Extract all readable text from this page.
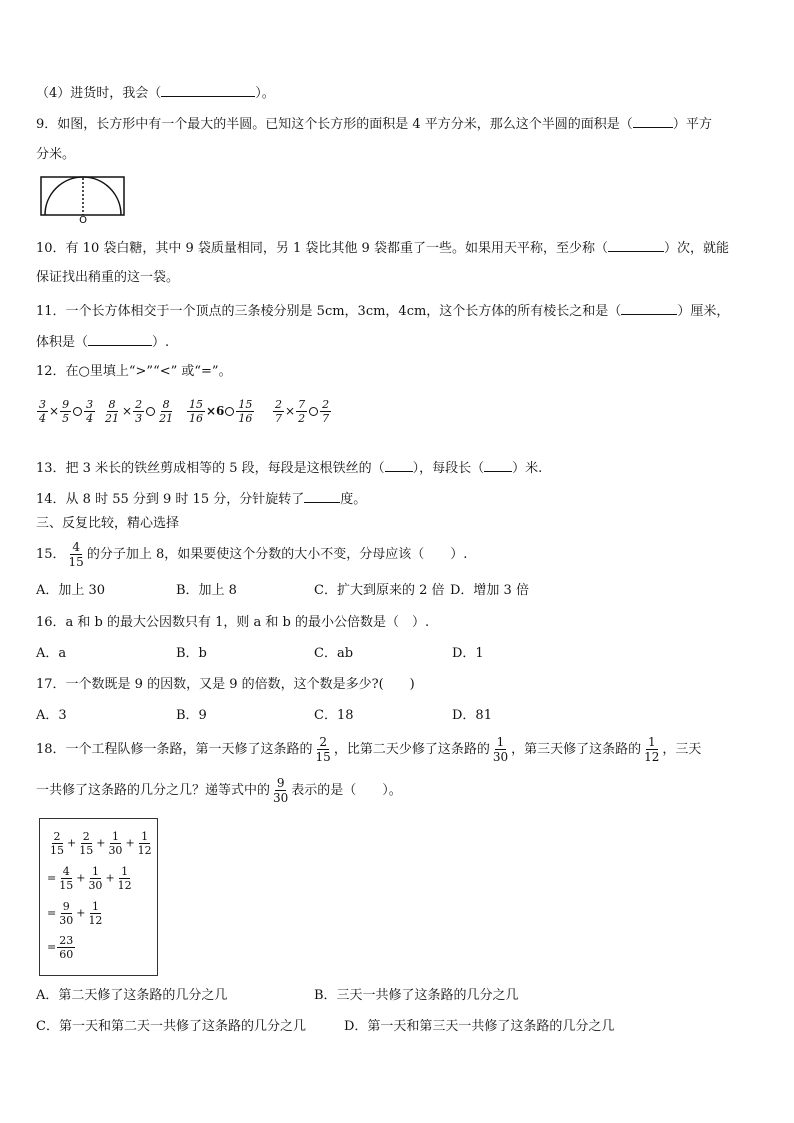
（4）进货时，我会（	）。
9．如图，长方形中有一个最大的半圆。已知这个长方形的面积是 4 平方分米，那么这个半圆的面积是（	）平方
分米。
O
10．有 10 袋白糖，其中 9 袋质量相同，另 1 袋比其他 9 袋都重了一些。如果用天平称，至少称（	）次，就能
保证找出稍重的这一袋。
11．一个长方体相交于一个顶点的三条棱分别是 5cm，3cm，4cm，这个长方体的所有棱长之和是（	）厘米，
体积是（	）.
12．在○里填上“>”“<” 或“=”。
$\frac{3}{4} \times \frac{9}{5} \frac{3}{4} \frac{8}{21} \times \frac{2}{3} \frac{8}{21} \frac{15}{16} \times 6 \frac{15}{16} \frac{2}{7} \times \frac{7}{2} \frac{2}{7}$
13．把 3 米长的铁丝剪成相等的 5 段，每段是这根铁丝的（ ），每段长（ ）米.
14．从 8 时 55 分到 9 时 15 分，分针旋转了	度。
三、反复比较，精心选择
15． $\frac{4}{15}$ 的分子加上 8，如果要使这个分数的大小不变，分母应该（　　）.
A．加上 30	B．加上 8	C．扩大到原来的 2 倍 D．增加 3 倍
16．a 和 b 的最大公因数只有 1，则 a 和 b 的最小公倍数是（　）.
A．a	B．b	C．ab	D．1
17．一个数既是 9 的因数，又是 9 的倍数，这个数是多少?(　　)
A．3	B．9	C．18	D．81
18．一个工程队修一条路，第一天修了这条路的 $\frac{2}{15}$ ，比第二天少修了这条路的 $\frac{1}{30}$ ，第三天修了这条路的 $\frac{1}{12}$ ，三天
一共修了这条路的几分之几？递等式中的 $\frac{9}{30}$ 表示的是（　　）。
$\frac{2}{15} + \frac{2}{15} + \frac{1}{30} + \frac{1}{12}$
= $\frac{4}{15} + \frac{1}{30} + \frac{1}{12}$
= $\frac{9}{30} + \frac{1}{12}$
= $\frac{23}{60}$
A．第二天修了这条路的几分之几	B．三天一共修了这条路的几分之几
C．第一天和第二天一共修了这条路的几分之几	D．第一天和第三天一共修了这条路的几分之几
